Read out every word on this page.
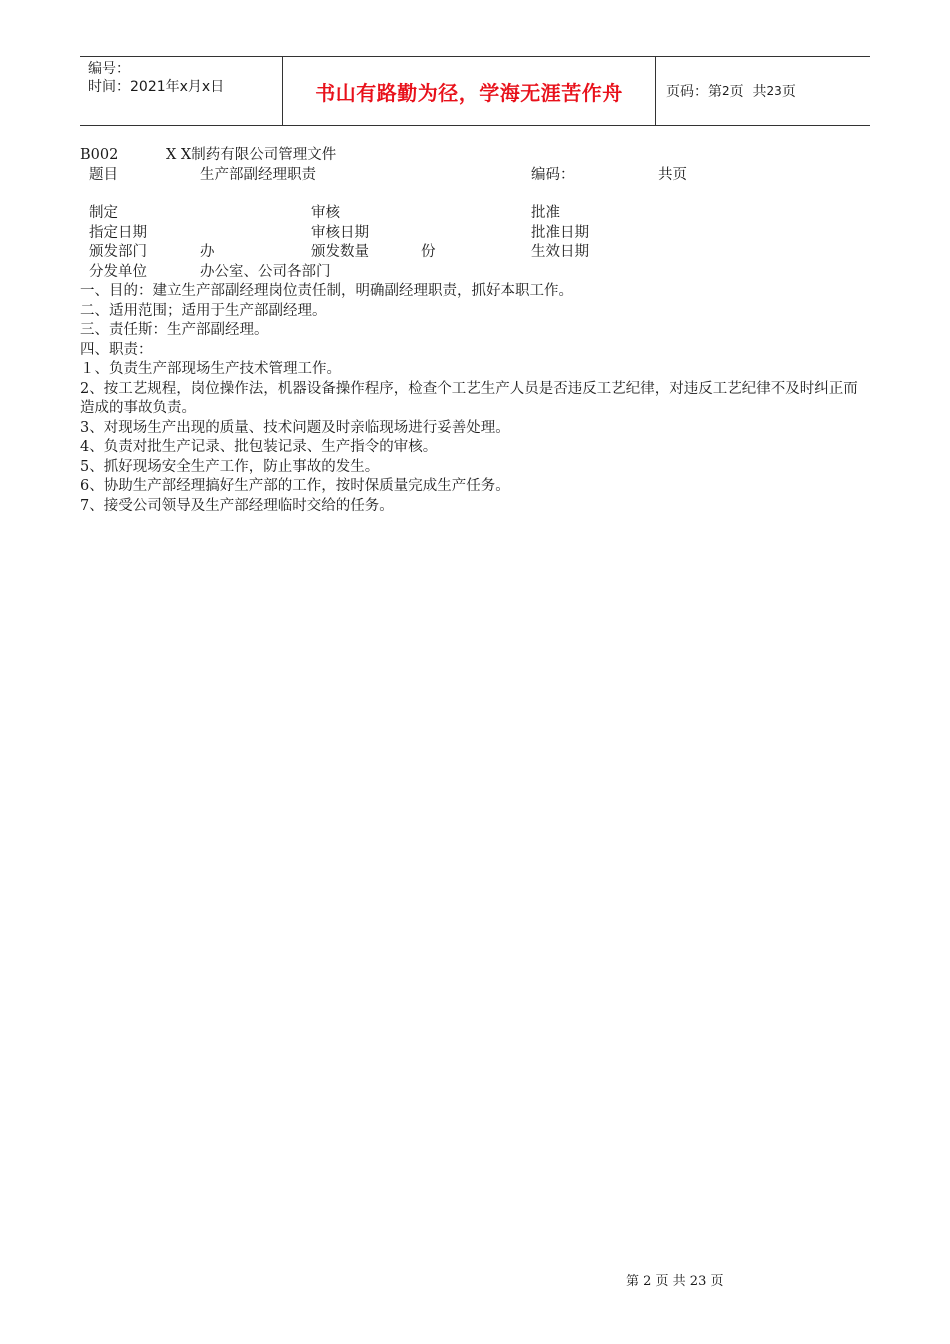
编号：
时间：2021年x月x日	书山有路勤为径，学海无涯苦作舟	页码：第 2 页  共 23 页
B002	X X制药有限公司管理文件
题目	生产部副经理职责	编码：	共页
制定	审核	批准
指定日期	审核日期	批准日期
颁发部门	办	颁发数量	份	生效日期
分发单位	办公室、公司各部门
一、目的：建立生产部副经理岗位责任制，明确副经理职责，抓好本职工作。
二、适用范围；适用于生产部副经理。
三、责任斯：生产部副经理。
四、职责：
１、负责生产部现场生产技术管理工作。
2、按工艺规程，岗位操作法，机器设备操作程序，检查个工艺生产人员是否违反工艺纪律，对违反工艺纪律不及时纠正而造成的事故负责。
3、对现场生产出现的质量、技术问题及时亲临现场进行妥善处理。
4、负责对批生产记录、批包装记录、生产指令的审核。
5、抓好现场安全生产工作，防止事故的发生。
6、协助生产部经理搞好生产部的工作，按时保质量完成生产任务。
7、接受公司领导及生产部经理临时交给的任务。
第 2 页 共 23 页
